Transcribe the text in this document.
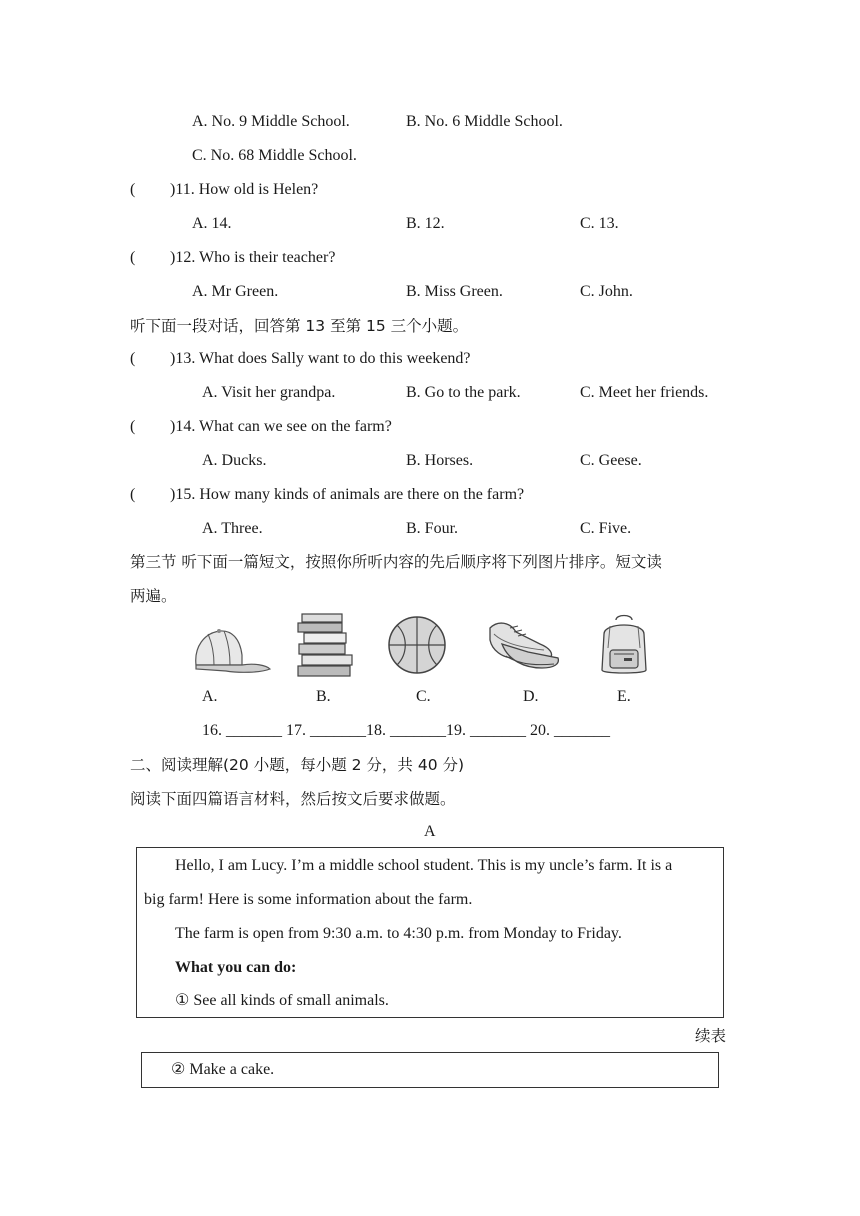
A. No. 9 Middle School.	B. No. 6 Middle School.
C. No. 68 Middle School.
( )11. How old is Helen?
A. 14.	B. 12.	C. 13.
( )12. Who is their teacher?
A. Mr Green.	B. Miss Green.	C. John.
听下面一段对话，回答第 13 至第 15 三个小题。
( )13. What does Sally want to do this weekend?
A. Visit her grandpa.	B. Go to the park.	C. Meet her friends.
( )14. What can we see on the farm?
A. Ducks.	B. Horses.	C. Geese.
( )15. How many kinds of animals are there on the farm?
A. Three.	B. Four.	C. Five.
第三节 听下面一篇短文，按照你所听内容的先后顺序将下列图片排序。短文读
两遍。
A.	B.	C.	D.	E.
16. _______ 17. _______18. _______19. _______ 20. _______
二、阅读理解(20 小题，每小题 2 分，共 40 分)
阅读下面四篇语言材料，然后按文后要求做题。
A
Hello, I am Lucy. I’m a middle school student. This is my uncle’s farm. It is a
big farm! Here is some information about the farm.
The farm is open from 9:30 a.m. to 4:30 p.m. from Monday to Friday.
What you can do:
① See all kinds of small animals.
续表
② Make a cake.
